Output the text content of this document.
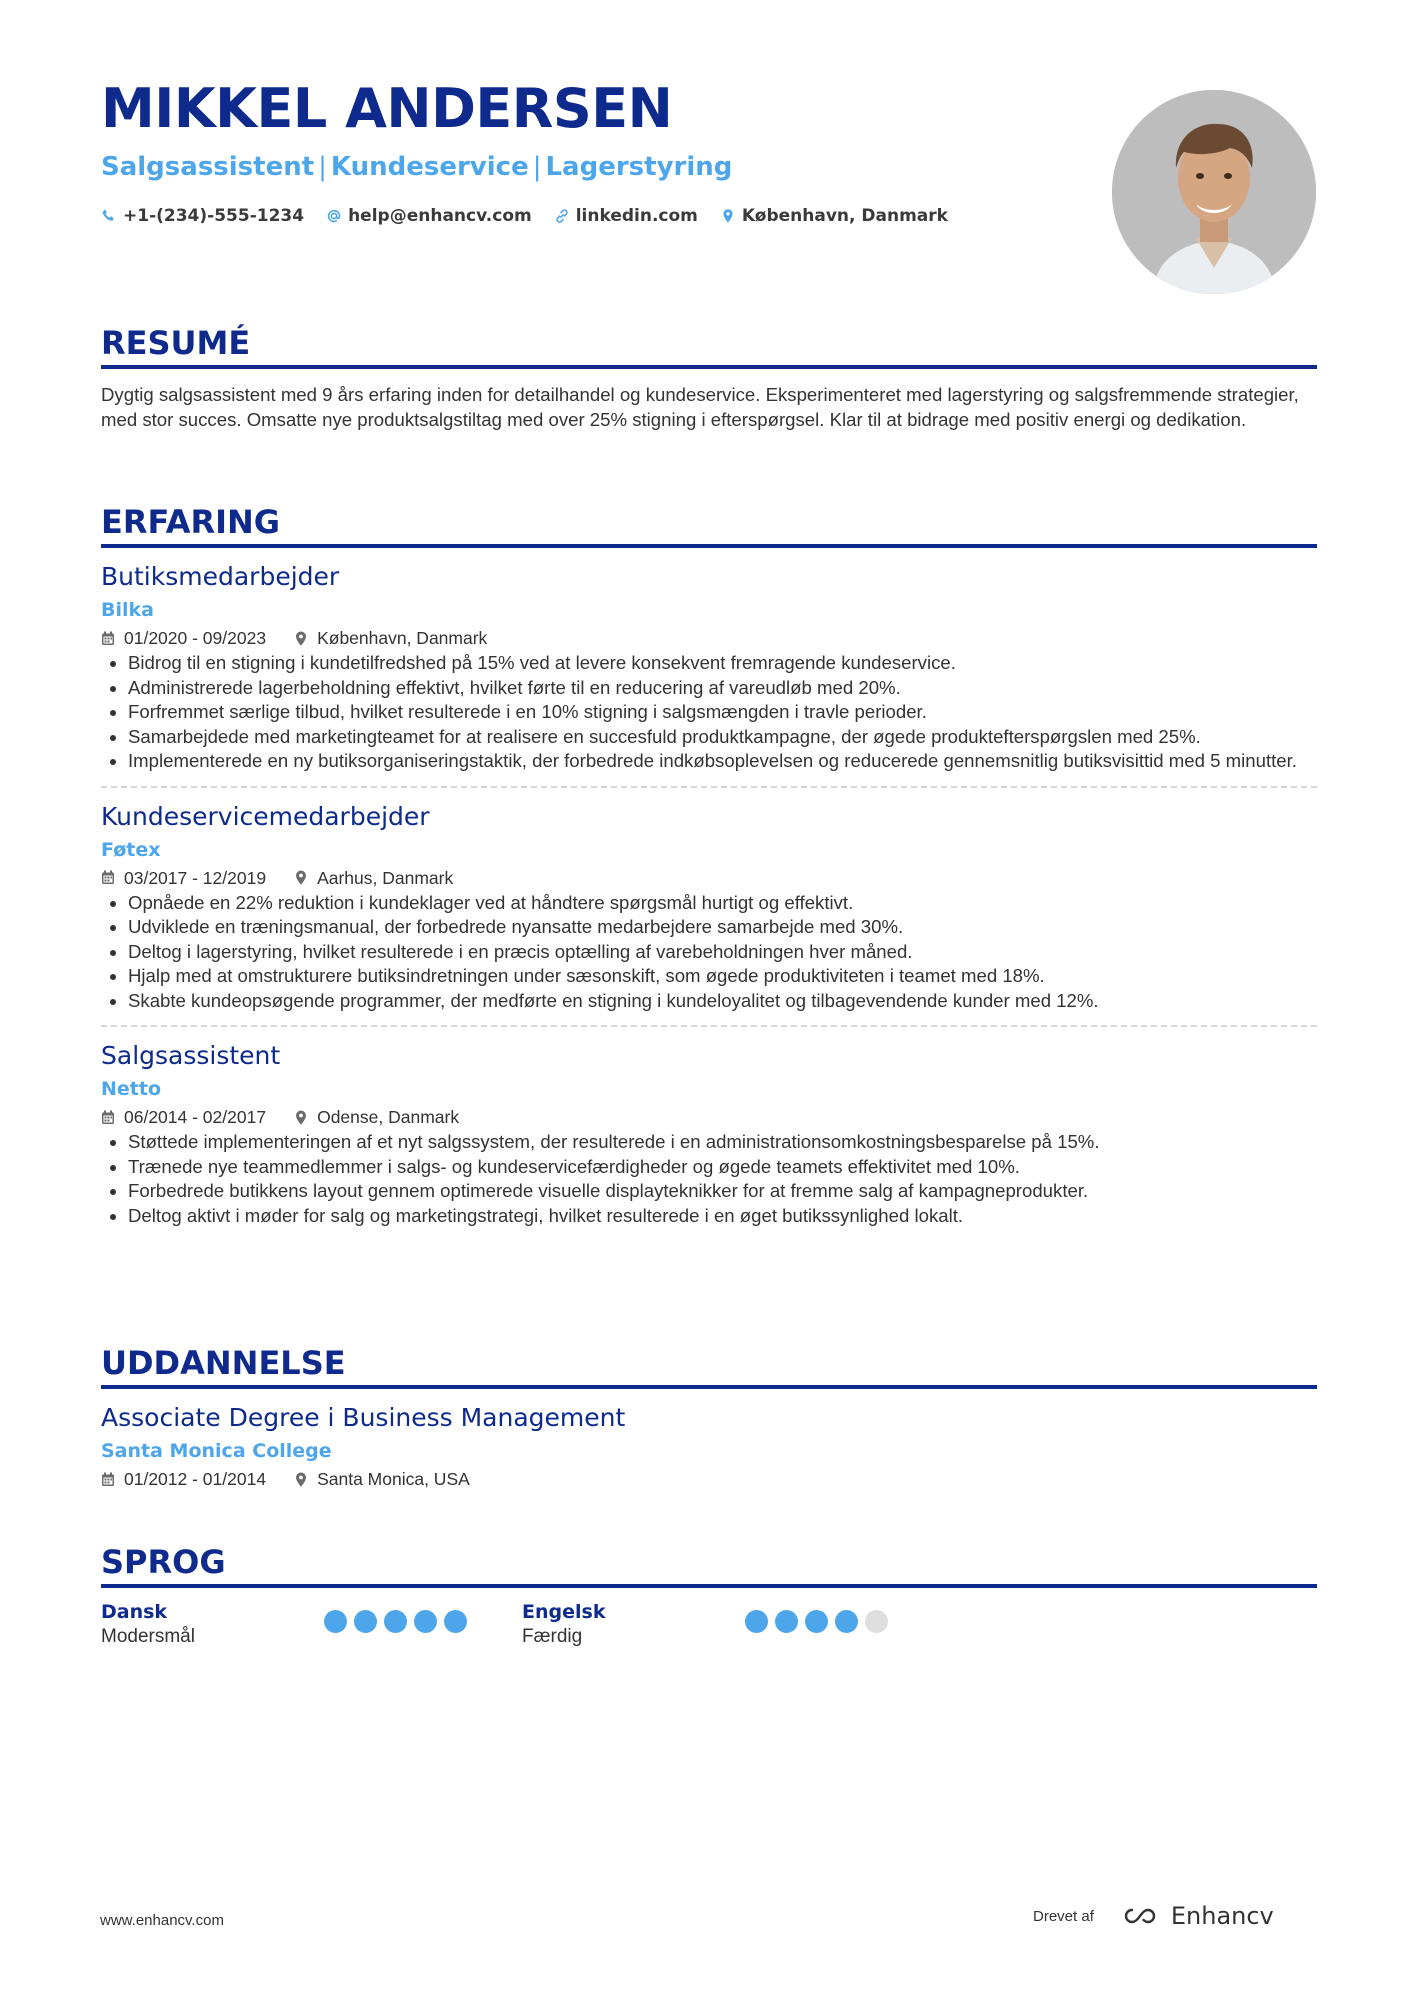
MIKKEL ANDERSEN
Salgsassistent | Kundeservice | Lagerstyring
+1-(234)-555-1234	help@enhancv.com	linkedin.com	København, Danmark
RESUMÉ

Dygtig salgsassistent med 9 års erfaring inden for detailhandel og kundeservice. Eksperimenteret med lagerstyring og salgsfremmende strategier, med stor succes. Omsatte nye produktsalgstiltag med over 25% stigning i efterspørgsel. Klar til at bidrage med positiv energi og dedikation.

ERFARING
Butiksmedarbejder
Bilka
01/2020 - 09/2023	København, Danmark
• Bidrog til en stigning i kundetilfredshed på 15% ved at levere konsekvent fremragende kundeservice.
• Administrerede lagerbeholdning effektivt, hvilket førte til en reducering af vareudløb med 20%.
• Forfremmet særlige tilbud, hvilket resulterede i en 10% stigning i salgsmængden i travle perioder.
• Samarbejdede med marketingteamet for at realisere en succesfuld produktkampagne, der øgede produktefterspørgslen med 25%.
• Implementerede en ny butiksorganiseringstaktik, der forbedrede indkøbsoplevelsen og reducerede gennemsnitlig butiksvisittid med 5 minutter.
Kundeservicemedarbejder
Føtex
03/2017 - 12/2019	Aarhus, Danmark
• Opnåede en 22% reduktion i kundeklager ved at håndtere spørgsmål hurtigt og effektivt.
• Udviklede en træningsmanual, der forbedrede nyansatte medarbejdere samarbejde med 30%.
• Deltog i lagerstyring, hvilket resulterede i en præcis optælling af varebeholdningen hver måned.
• Hjalp med at omstrukturere butiksindretningen under sæsonskift, som øgede produktiviteten i teamet med 18%.
• Skabte kundeopsøgende programmer, der medførte en stigning i kundeloyalitet og tilbagevendende kunder med 12%.
Salgsassistent
Netto
06/2014 - 02/2017	Odense, Danmark
• Støttede implementeringen af et nyt salgssystem, der resulterede i en administrationsomkostningsbesparelse på 15%.
• Trænede nye teammedlemmer i salgs- og kundeservicefærdigheder og øgede teamets effektivitet med 10%.
• Forbedrede butikkens layout gennem optimerede visuelle displayteknikker for at fremme salg af kampagneprodukter.
• Deltog aktivt i møder for salg og marketingstrategi, hvilket resulterede i en øget butikssynlighed lokalt.
UDDANNELSE
Associate Degree i Business Management
Santa Monica College
01/2012 - 01/2014	Santa Monica, USA
SPROG
Dansk
Modersmål
Engelsk
Færdig
www.enhancv.com	Drevet af	Enhancv
